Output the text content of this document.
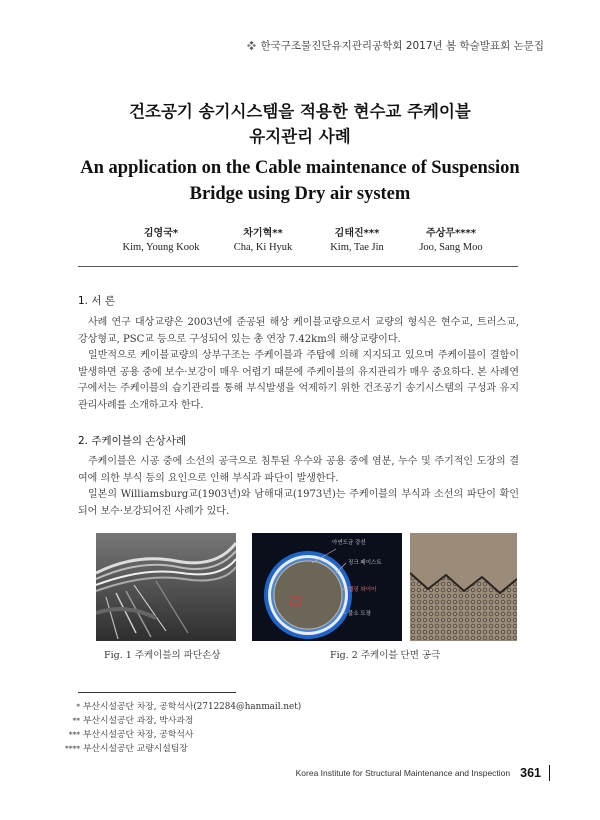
한국구조물진단유지관리공학회 2017년 봄 학술발표회 논문집
건조공기 송기시스템을 적용한 현수교 주케이블
유지관리 사례
An application on the Cable maintenance of Suspension
Bridge using Dry air system
김영국*
Kim, Young Kook
차기혁**
Cha, Ki Hyuk
김태진***
Kim, Tae Jin
주상무****
Joo, Sang Moo
1. 서 론

사례 연구 대상교량은 2003년에 준공된 해상 케이블교량으로서 교량의 형식은 현수교, 트러스교, 강상형교, PSC교 등으로 구성되어 있는 총 연장 7.42km의 해상교량이다.

일반적으로 케이블교량의 상부구조는 주케이블과 주탑에 의해 지지되고 있으며 주케이블이 결함이 발생하면 공용 중에 보수·보강이 매우 어렵기 때문에 주케이블의 유지관리가 매우 중요하다. 본 사례연구에서는 주케이블의 습기관리를 통해 부식발생을 억제하기 위한 건조공기 송기시스템의 구성과 유지관리사례를 소개하고자 한다.

2. 주케이블의 손상사례

주케이블은 시공 중에 소선의 공극으로 침투된 우수와 공용 중에 염분, 누수 및 주기적인 도장의 결여에 의한 부식 등의 요인으로 인해 부식과 파단이 발생한다.

일본의 Williamsburg교(1903년)와 남해대교(1973년)는 주케이블의 부식과 소선의 파단이 확인되어 보수·보강되어진 사례가 있다.

아연도금 강선
징크 페이스트
랩핑 와이어
불소 도장
Fig. 1 주케이블의 파단손상	Fig. 2 주케이블 단면 공극
* 부산시설공단 차장, 공학석사(2712284@hanmail.net)
** 부산시설공단 과장, 박사과정
*** 부산시설공단 차장, 공학석사
**** 부산시설공단 교량시설팀장
Korea Institute for Structural Maintenance and Inspection 361
